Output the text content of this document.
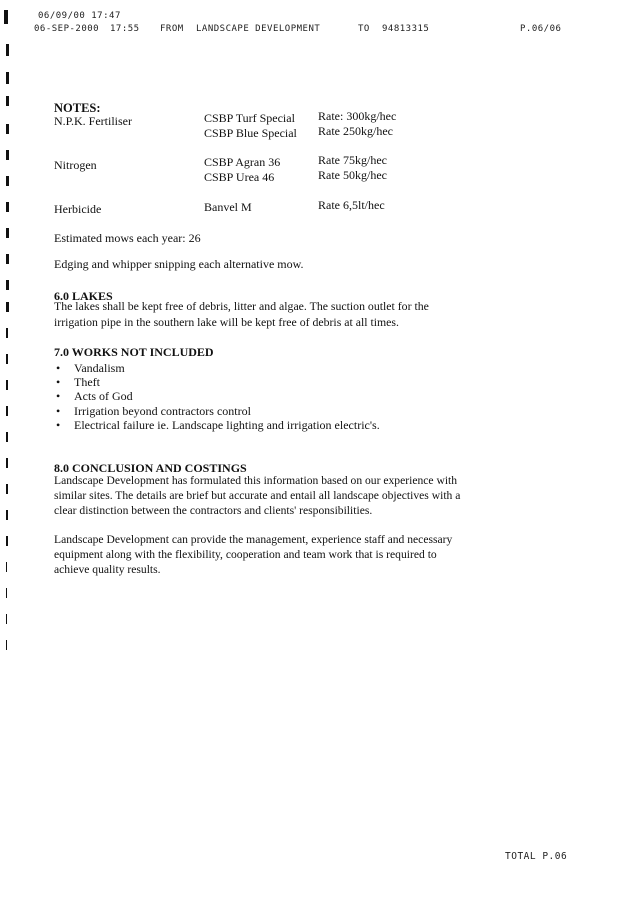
06/09/00 17:47
06-SEP-2000 17:55 FROM LANDSCAPE DEVELOPMENT	TO 94813315	P.06/06
NOTES:
N.P.K. Fertiliser	CSBP Turf Special Rate: 300kg/hec
CSBP Blue Special Rate 250kg/hec
Nitrogen	CSBP Agran 36	Rate 75kg/hec
CSBP Urea 46	Rate 50kg/hec
Herbicide	Banvel M	Rate 6,5lt/hec
Estimated mows each year: 26
Edging and whipper snipping each alternative mow.
6.0 LAKES
The lakes shall be kept free of debris, litter and algae. The suction outlet for the
irrigation pipe in the southern lake will be kept free of debris at all times.
7.0 WORKS NOT INCLUDED
• Vandalism
• Theft
• Acts of God
• Irrigation beyond contractors control
• Electrical failure ie. Landscape lighting and irrigation electric's.
8.0 CONCLUSION AND COSTINGS
Landscape Development has formulated this information based on our experience with
similar sites. The details are brief but accurate and entail all landscape objectives with a
clear distinction between the contractors and clients' responsibilities.
Landscape Development can provide the management, experience staff and necessary
equipment along with the flexibility, cooperation and team work that is required to
achieve quality results.
TOTAL P.06
